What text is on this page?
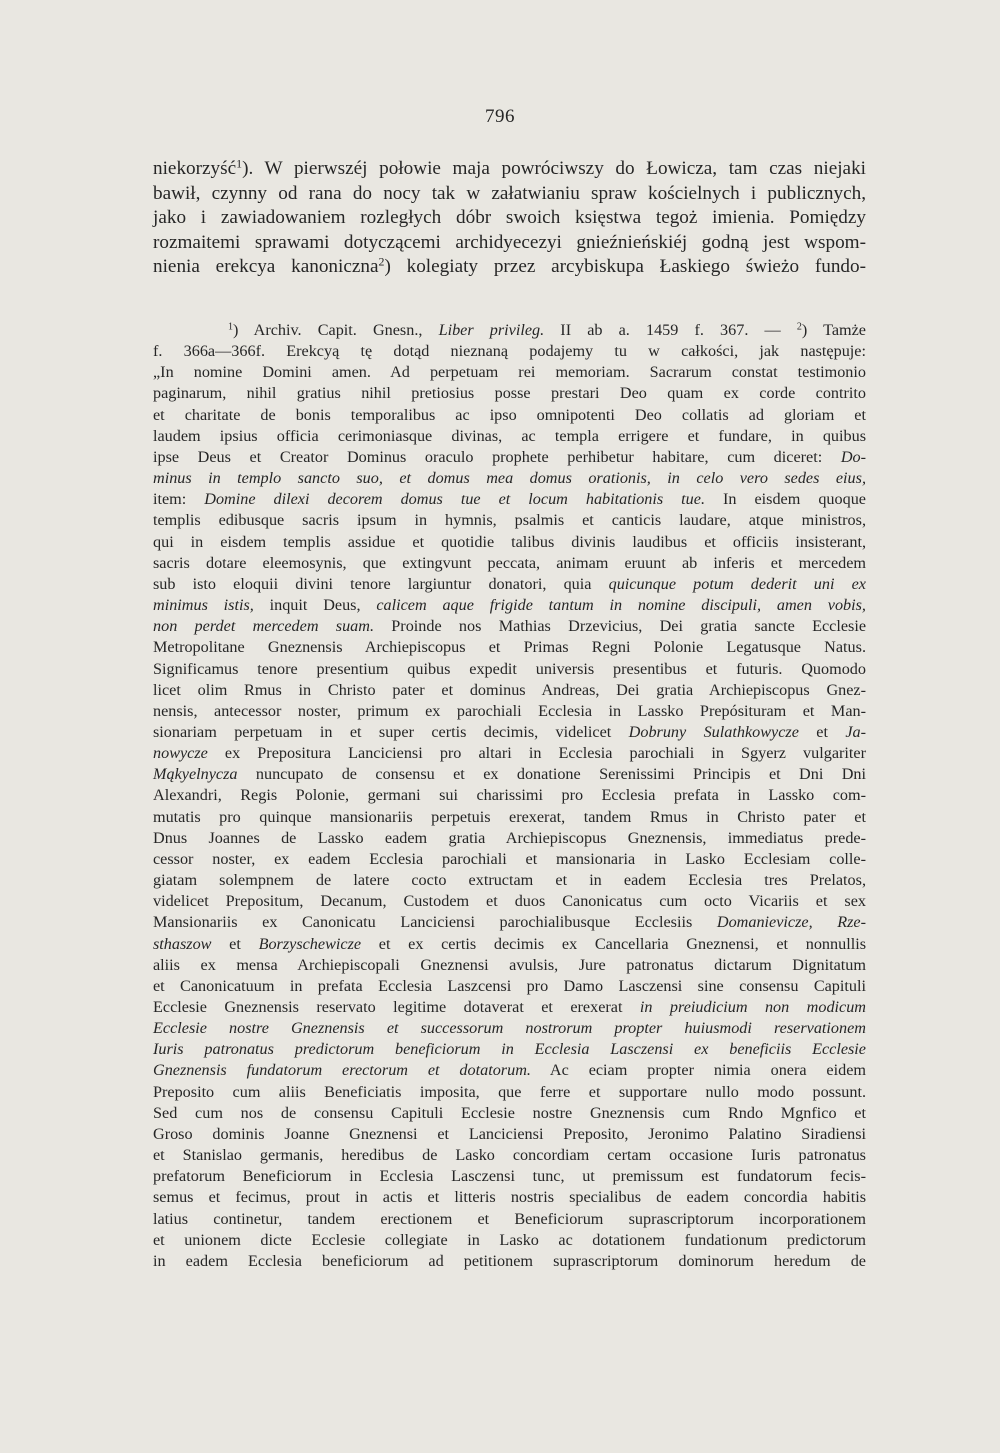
796
niekorzyść$^1$). W pierwszéj połowie maja powróciwszy do Łowicza, tam czas niejaki
bawił, czynny od rana do nocy tak w załatwianiu spraw kościelnych i publicznych,
jako i zawiadowaniem rozległych dóbr swoich księstwa tegoż imienia. Pomiędzy
rozmaitemi sprawami dotyczącemi archidyecezyi gnieźnieńskiéj godną jest wspom-
nienia erekcya kanoniczna$^2$) kolegiaty przez arcybiskupa Łaskiego świeżo fundo-
$^1$) Archiv. Capit. Gnesn., Liber privileg. II ab a. 1459 f. 367. — $^2$) Tamże
f. 366a—366f. Erekcyą tę dotąd nieznaną podajemy tu w całkości, jak następuje:
„In nomine Domini amen. Ad perpetuam rei memoriam. Sacrarum constat testimonio
paginarum, nihil gratius nihil pretiosius posse prestari Deo quam ex corde contrito
et charitate de bonis temporalibus ac ipso omnipotenti Deo collatis ad gloriam et
laudem ipsius officia cerimoniasque divinas, ac templa errigere et fundare, in quibus
ipse Deus et Creator Dominus oraculo prophete perhibetur habitare, cum diceret: Do-
minus in templo sancto suo, et domus mea domus orationis, in celo vero sedes eius,
item: Domine dilexi decorem domus tue et locum habitationis tue. In eisdem quoque
templis edibusque sacris ipsum in hymnis, psalmis et canticis laudare, atque ministros,
qui in eisdem templis assidue et quotidie talibus divinis laudibus et officiis insisterant,
sacris dotare eleemosynis, que extingvunt peccata, animam eruunt ab inferis et mercedem
sub isto eloquii divini tenore largiuntur donatori, quia quicunque potum dederit uni ex
minimus istis, inquit Deus, calicem aque frigide tantum in nomine discipuli, amen vobis,
non perdet mercedem suam. Proinde nos Mathias Drzevicius, Dei gratia sancte Ecclesie
Metropolitane Gneznensis Archiepiscopus et Primas Regni Polonie Legatusque Natus.
Significamus tenore presentium quibus expedit universis presentibus et futuris. Quomodo
licet olim Rmus in Christo pater et dominus Andreas, Dei gratia Archiepiscopus Gnez-
nensis, antecessor noster, primum ex parochiali Ecclesia in Lassko Prepósituram et Man-
sionariam perpetuam in et super certis decimis, videlicet Dobruny Sulathkowycze et Ja-
nowycze ex Prepositura Lanciciensi pro altari in Ecclesia parochiali in Sgyerz vulgariter
Mąkyelnycza nuncupato de consensu et ex donatione Serenissimi Principis et Dni Dni
Alexandri, Regis Polonie, germani sui charissimi pro Ecclesia prefata in Lassko com-
mutatis pro quinque mansionariis perpetuis erexerat, tandem Rmus in Christo pater et
Dnus Joannes de Lassko eadem gratia Archiepiscopus Gneznensis, immediatus prede-
cessor noster, ex eadem Ecclesia parochiali et mansionaria in Lasko Ecclesiam colle-
giatam solempnem de latere cocto extructam et in eadem Ecclesia tres Prelatos,
videlicet Prepositum, Decanum, Custodem et duos Canonicatus cum octo Vicariis et sex
Mansionariis ex Canonicatu Lanciciensi parochialibusque Ecclesiis Domanievicze, Rze-
sthaszow et Borzyschewicze et ex certis decimis ex Cancellaria Gneznensi, et nonnullis
aliis ex mensa Archiepiscopali Gneznensi avulsis, Jure patronatus dictarum Dignitatum
et Canonicatuum in prefata Ecclesia Laszcensi pro Damo Lasczensi sine consensu Capituli
Ecclesie Gneznensis reservato legitime dotaverat et erexerat in preiudicium non modicum
Ecclesie nostre Gneznensis et successorum nostrorum propter huiusmodi reservationem
Iuris patronatus predictorum beneficiorum in Ecclesia Lasczensi ex beneficiis Ecclesie
Gneznensis fundatorum erectorum et dotatorum. Ac eciam propter nimia onera eidem
Preposito cum aliis Beneficiatis imposita, que ferre et supportare nullo modo possunt.
Sed cum nos de consensu Capituli Ecclesie nostre Gneznensis cum Rndo Mgnfico et
Groso dominis Joanne Gneznensi et Lanciciensi Preposito, Jeronimo Palatino Siradiensi
et Stanislao germanis, heredibus de Lasko concordiam certam occasione Iuris patronatus
prefatorum Beneficiorum in Ecclesia Lasczensi tunc, ut premissum est fundatorum fecis-
semus et fecimus, prout in actis et litteris nostris specialibus de eadem concordia habitis
latius continetur, tandem erectionem et Beneficiorum suprascriptorum incorporationem
et unionem dicte Ecclesie collegiate in Lasko ac dotationem fundationum predictorum
in eadem Ecclesia beneficiorum ad petitionem suprascriptorum dominorum heredum de
